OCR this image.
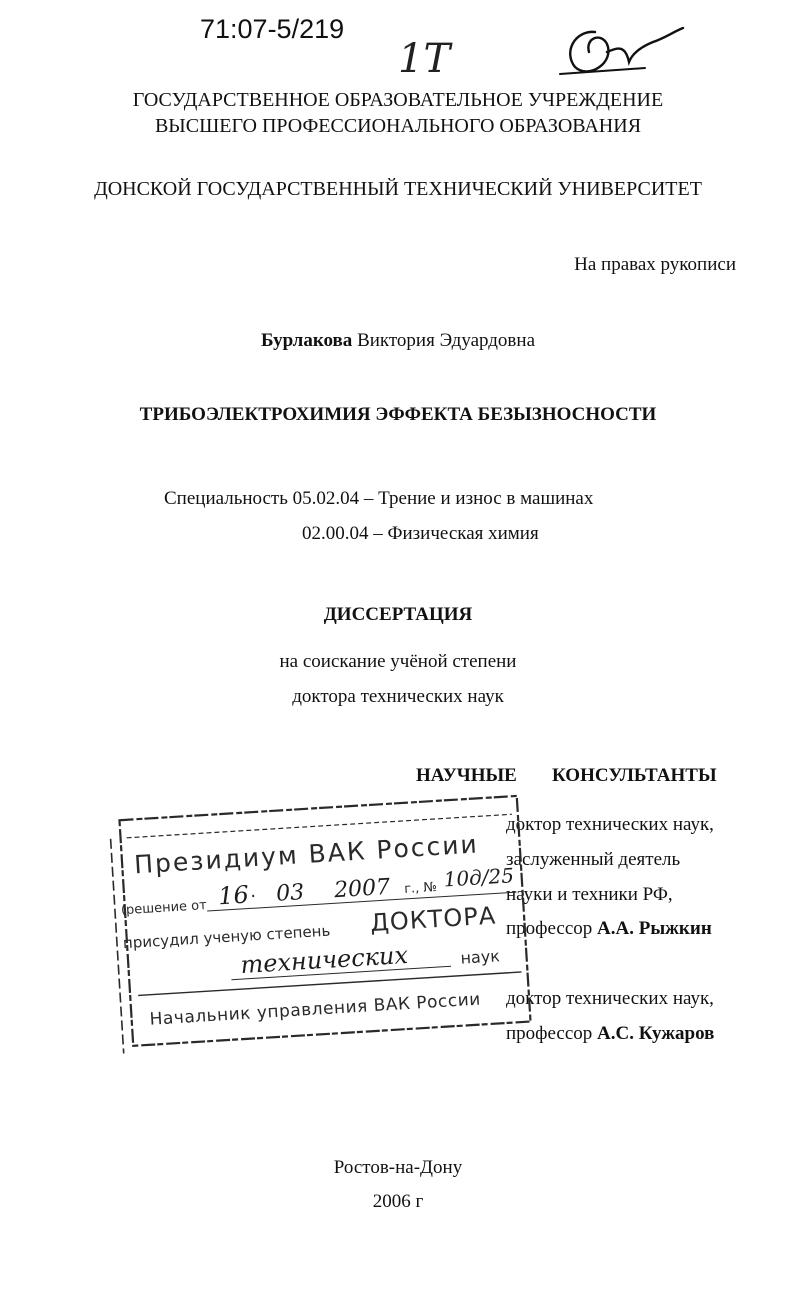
71:07-5/219
1T
ГОСУДАРСТВЕННОЕ ОБРАЗОВАТЕЛЬНОЕ УЧРЕЖДЕНИЕ
ВЫСШЕГО ПРОФЕССИОНАЛЬНОГО ОБРАЗОВАНИЯ
ДОНСКОЙ ГОСУДАРСТВЕННЫЙ ТЕХНИЧЕСКИЙ УНИВЕРСИТЕТ
На правах рукописи
Бурлакова Виктория Эдуардовна
ТРИБОЭЛЕКТРОХИМИЯ ЭФФЕКТА БЕЗЫЗНОСНОСТИ
Специальность 05.02.04 – Трение и износ в машинах
02.00.04 – Физическая химия
ДИССЕРТАЦИЯ
на соискание учёной степени
доктора технических наук
НАУЧНЫЕ КОНСУЛЬТАНТЫ
доктор технических наук,
заслуженный деятель
науки и техники РФ,
профессор А.А. Рыжкин
доктор технических наук,
профессор А.С. Кужаров
Президиум ВАК России
(решение от 16 · 03 2007 г., № 10д/25
присудил ученую степень ДОКТОРА
технических	наук
Начальник управления ВАК России
Ростов-на-Дону
2006 г
